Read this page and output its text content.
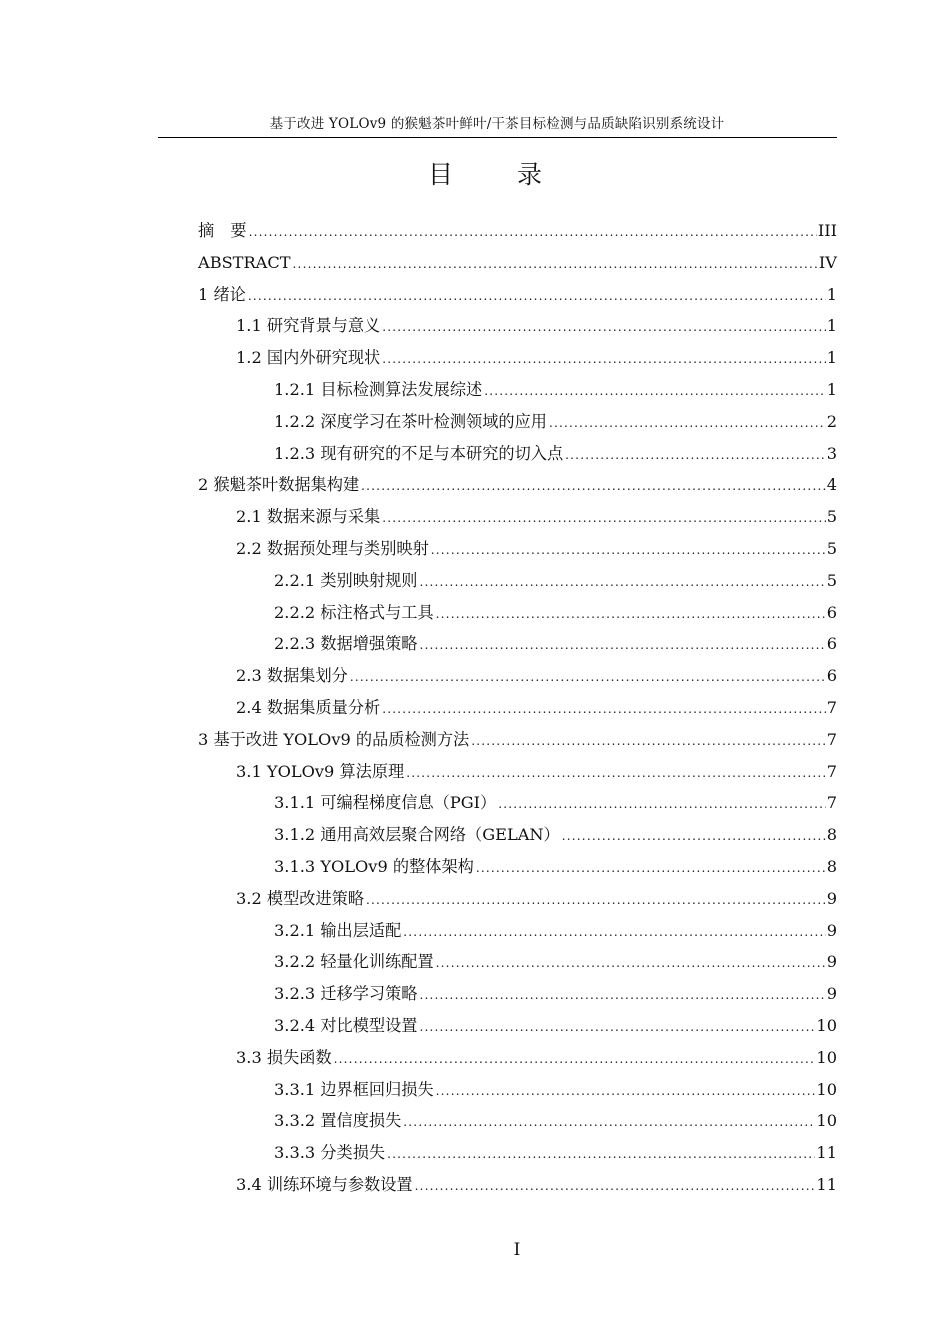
基于改进 YOLOv9 的猴魁茶叶鲜叶/干茶目标检测与品质缺陷识别系统设计
目 录
摘　要 .....	III
ABSTRACT .....	IV
1 绪论 .....	1
1.1 研究背景与意义 .....	1
1.2 国内外研究现状 .....	1
1.2.1 目标检测算法发展综述 .....	1
1.2.2 深度学习在茶叶检测领域的应用 .....	2
1.2.3 现有研究的不足与本研究的切入点 .....	3
2 猴魁茶叶数据集构建 .....	4
2.1 数据来源与采集 .....	5
2.2 数据预处理与类别映射 .....	5
2.2.1 类别映射规则 .....	5
2.2.2 标注格式与工具 .....	6
2.2.3 数据增强策略 .....	6
2.3 数据集划分 .....	6
2.4 数据集质量分析 .....	7
3 基于改进 YOLOv9 的品质检测方法 .....	7
3.1 YOLOv9 算法原理 .....	7
3.1.1 可编程梯度信息（PGI） .....	7
3.1.2 通用高效层聚合网络（GELAN） .....	8
3.1.3 YOLOv9 的整体架构 .....	8
3.2 模型改进策略 .....	9
3.2.1 输出层适配 .....	9
3.2.2 轻量化训练配置 .....	9
3.2.3 迁移学习策略 .....	9
3.2.4 对比模型设置 .....	10
3.3 损失函数 .....	10
3.3.1 边界框回归损失 .....	10
3.3.2 置信度损失 .....	10
3.3.3 分类损失 .....	11
3.4 训练环境与参数设置 .....	11
I
